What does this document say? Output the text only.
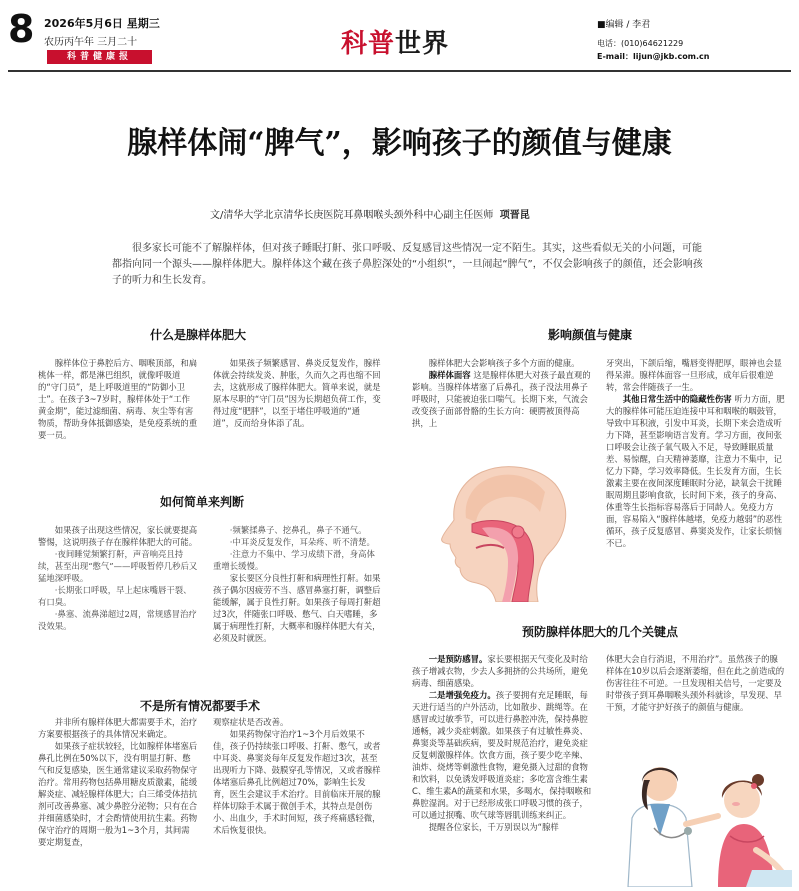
8 2026年5月6日 星期三
农历丙午年 三月二十
科普健康报	科普世界
■编辑 / 李君
电话：(010)64621229
E-mail：lijun@jkb.com.cn
腺样体闹“脾气”，影响孩子的颜值与健康
文/清华大学北京清华长庚医院耳鼻咽喉头颈外科中心副主任医师 项晋昆
很多家长可能不了解腺样体，但对孩子睡眠打鼾、张口呼吸、反复感冒这些情况一定不陌生。其实，这些看似无关的小问题，可能都指向同一个源头——腺样体肥大。腺样体这个藏在孩子鼻腔深处的“小组织”，一旦闹起“脾气”，不仅会影响孩子的颜值，还会影响孩子的听力和生长发育。
什么是腺样体肥大

腺样体位于鼻腔后方、咽喉顶部，和扁桃体一样，都是淋巴组织，就像呼吸道的“守门员”，是上呼吸道里的“防御小卫士”。在孩子3~7岁时，腺样体处于“工作黄金期”，能过滤细菌、病毒、灰尘等有害物质，帮助身体抵御感染，是免疫系统的重要一员。

如果孩子频繁感冒、鼻炎反复发作，腺样体就会持续发炎、肿胀，久而久之再也缩不回去，这就形成了腺样体肥大。简单来说，就是原本尽职的“守门员”因为长期超负荷工作，变得过度“肥胖”，以至于堵住呼吸道的“通道”，反而给身体添了乱。

如何简单来判断

如果孩子出现这些情况，家长就要提高警惕，这说明孩子存在腺样体肥大的可能。

·夜间睡觉频繁打鼾，声音响亮且持续，甚至出现“憋气”——呼吸暂停几秒后又猛地深呼吸。

·长期张口呼吸，早上起床嘴唇干裂、有口臭。

·鼻塞、流鼻涕超过2周，常规感冒治疗没效果。

·频繁揉鼻子、挖鼻孔，鼻子不通气。

·中耳炎反复发作，耳朵疼、听不清楚。

·注意力不集中、学习成绩下滑，身高体重增长缓慢。

家长要区分良性打鼾和病理性打鼾。如果孩子偶尔因疲劳不当、感冒鼻塞打鼾，调整后能缓解，属于良性打鼾。如果孩子每周打鼾超过3次，伴随张口呼吸、憋气、白天嗜睡，多属于病理性打鼾，大概率和腺样体肥大有关，必须及时就医。

不是所有情况都要手术

并非所有腺样体肥大都需要手术，治疗方案要根据孩子的具体情况来确定。

如果孩子症状较轻，比如腺样体堵塞后鼻孔比例在50%以下，没有明显打鼾、憋气和反复感染，医生通常建议采取药物保守治疗。常用药物包括鼻用糖皮质激素，能缓解炎症、减轻腺样体肥大；白三烯受体拮抗剂可改善鼻塞、减少鼻腔分泌物；只有在合并细菌感染时，才会酌情使用抗生素。药物保守治疗的周期一般为1~3个月，其间需要定期复查，

观察症状是否改善。

如果药物保守治疗1~3个月后效果不佳，孩子仍持续张口呼吸、打鼾、憋气，或者中耳炎、鼻窦炎每年反复发作超过3次，甚至出现听力下降、鼓膜穿孔等情况，又或者腺样体堵塞后鼻孔比例超过70%，影响生长发育，医生会建议手术治疗。目前临床开展的腺样体切除手术属于微创手术，其特点是创伤小、出血少，手术时间短，孩子疼痛感轻微，术后恢复很快。

影响颜值与健康

腺样体肥大会影响孩子多个方面的健康。

腺样体面容 这是腺样体肥大对孩子最直观的影响。当腺样体堵塞了后鼻孔，孩子没法用鼻子呼吸时，只能被迫张口喘气。长期下来，气流会改变孩子面部骨骼的生长方向：硬腭被顶得高拱，上

牙突出，下颌后缩，嘴唇变得肥厚，眼神也会显得呆滞。腺样体面容一旦形成，成年后很难逆转，常会伴随孩子一生。

其他日常生活中的隐藏性伤害 听力方面，肥大的腺样体可能压迫连接中耳和咽喉的咽鼓管，导致中耳积液，引发中耳炎，长期下来会造成听力下降，甚至影响语言发育。学习方面，夜间张口呼吸会让孩子氧气吸入不足，导致睡眠质量差、易惊醒，白天精神萎靡，注意力不集中，记忆力下降，学习效率降低。生长发育方面，生长激素主要在夜间深度睡眠时分泌，缺氧会干扰睡眠周期且影响食欲，长时间下来，孩子的身高、体重等生长指标容易落后于同龄人。免疫力方面，容易陷入“腺样体越堵，免疫力越弱”的恶性循环，孩子反复感冒、鼻窦炎发作，让家长烦恼不已。

预防腺样体肥大的几个关键点

一是预防感冒。家长要根据天气变化及时给孩子增减衣物，少去人多拥挤的公共场所，避免病毒、细菌感染。

二是增强免疫力。孩子要拥有充足睡眠，每天进行适当的户外活动，比如散步、跳绳等。在感冒或过敏季节，可以进行鼻腔冲洗，保持鼻腔通畅，减少炎症刺激。如果孩子有过敏性鼻炎、鼻窦炎等基础疾病，要及时规范治疗，避免炎症反复刺激腺样体。饮食方面，孩子要少吃辛辣、油炸、烧烤等刺激性食物，避免摄入过甜的食物和饮料，以免诱发呼吸道炎症；多吃富含维生素C、维生素A的蔬菜和水果，多喝水，保持咽喉和鼻腔湿润。对于已经形成张口呼吸习惯的孩子，可以通过抿嘴、吹气球等唇肌训练来纠正。

提醒各位家长，千万别误以为“腺样

体肥大会自行消退，不用治疗”。虽然孩子的腺样体在10岁以后会逐渐萎缩，但在此之前造成的伤害往往不可逆。一旦发现相关信号，一定要及时带孩子到耳鼻咽喉头颈外科就诊，早发现、早干预，才能守护好孩子的颜值与健康。
